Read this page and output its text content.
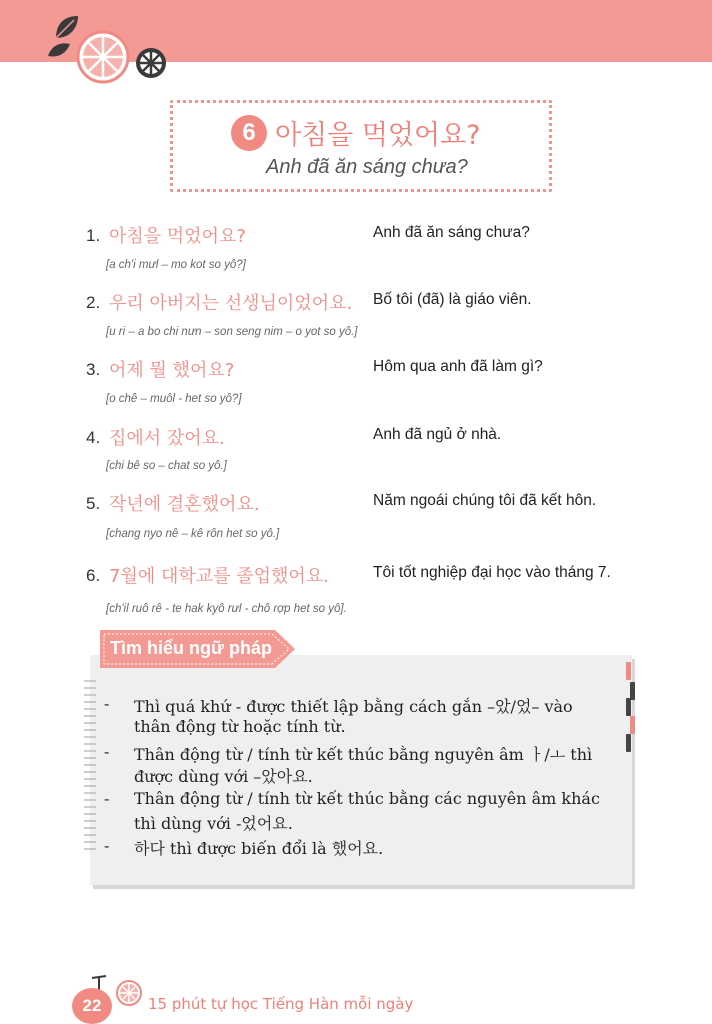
6 아침을 먹었어요?
Anh đã ăn sáng chưa?
1. 아침을 먹었어요?	Anh đã ăn sáng chưa?
[a ch'i mưl – mo kot so yô?]
2. 우리 아버지는 선생님이었어요. Bố tôi (đã) là giáo viên.
[u ri – a bo chi nưn – son seng nim – o yot so yô.]
3. 어제 뭘 했어요?	Hôm qua anh đã làm gì?
[o chê – muôl - het so yô?]
4. 집에서 잤어요.	Anh đã ngủ ở nhà.
[chi bê so – chat so yô.]
5. 작년에 결혼했어요.	Năm ngoái chúng tôi đã kết hôn.
[chang nyo nê – kê rôn het so yô.]
6. 7월에 대학교를 졸업했어요.	Tôi tốt nghiệp đại học vào tháng 7.
[ch'il ruô rê - te hak kyô rưl - chô rợp het so yô].
Tìm hiểu ngữ pháp
- Thì quá khứ - được thiết lập bằng cách gắn –았/었– vào
thân động từ hoặc tính từ.
- Thân động từ / tính từ kết thúc bằng nguyên âm ㅏ/ㅗ thì
được dùng với –았아요.
- Thân động từ / tính từ kết thúc bằng các nguyên âm khác
thì dùng với -었어요.
- 하다 thì được biến đổi là 했어요.
22	15 phút tự học Tiếng Hàn mỗi ngày
